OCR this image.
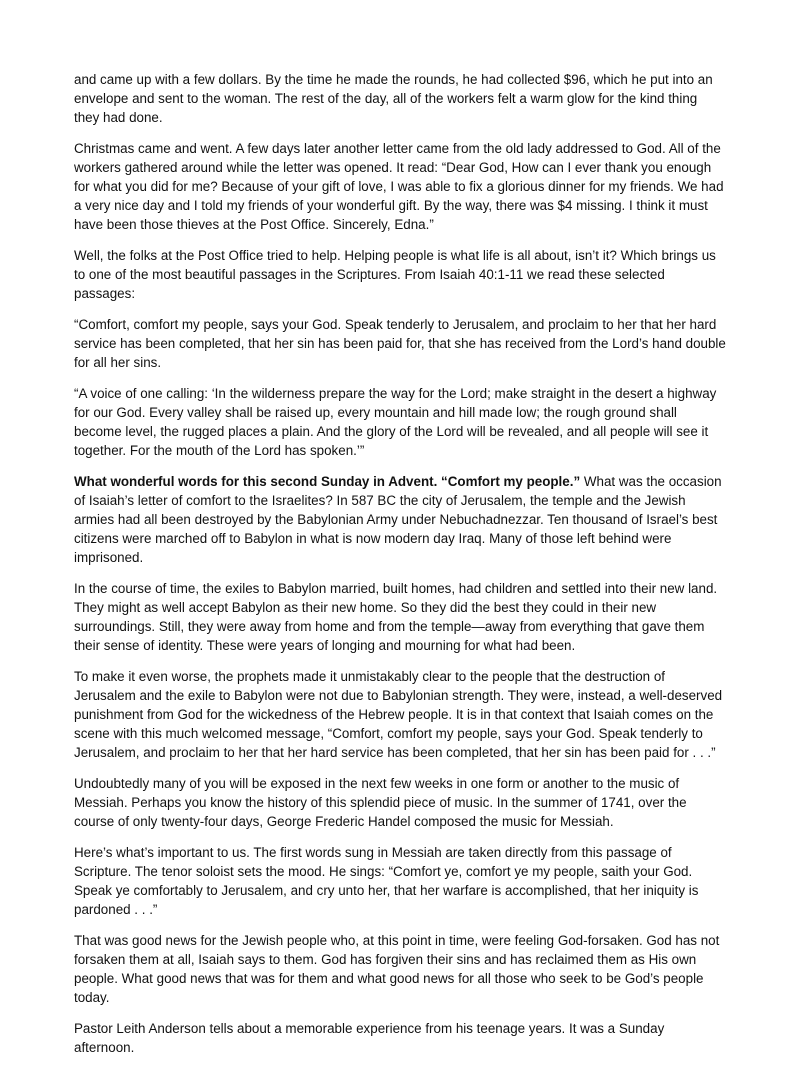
and came up with a few dollars. By the time he made the rounds, he had collected $96, which he put into an envelope and sent to the woman. The rest of the day, all of the workers felt a warm glow for the kind thing they had done.

Christmas came and went. A few days later another letter came from the old lady addressed to God. All of the workers gathered around while the letter was opened. It read: “Dear God, How can I ever thank you enough for what you did for me? Because of your gift of love, I was able to fix a glorious dinner for my friends. We had a very nice day and I told my friends of your wonderful gift. By the way, there was $4 missing. I think it must have been those thieves at the Post Office. Sincerely, Edna.”

Well, the folks at the Post Office tried to help. Helping people is what life is all about, isn’t it? Which brings us to one of the most beautiful passages in the Scriptures. From Isaiah 40:1-11 we read these selected passages:

“Comfort, comfort my people, says your God. Speak tenderly to Jerusalem, and proclaim to her that her hard service has been completed, that her sin has been paid for, that she has received from the Lord’s hand double for all her sins.

“A voice of one calling: ‘In the wilderness prepare the way for the Lord; make straight in the desert a highway for our God. Every valley shall be raised up, every mountain and hill made low; the rough ground shall become level, the rugged places a plain. And the glory of the Lord will be revealed, and all people will see it together. For the mouth of the Lord has spoken.’”

What wonderful words for this second Sunday in Advent. “Comfort my people.” What was the occasion of Isaiah’s letter of comfort to the Israelites? In 587 BC the city of Jerusalem, the temple and the Jewish armies had all been destroyed by the Babylonian Army under Nebuchadnezzar. Ten thousand of Israel’s best citizens were marched off to Babylon in what is now modern day Iraq. Many of those left behind were imprisoned.

In the course of time, the exiles to Babylon married, built homes, had children and settled into their new land. They might as well accept Babylon as their new home. So they did the best they could in their new surroundings. Still, they were away from home and from the temple—away from everything that gave them their sense of identity. These were years of longing and mourning for what had been.

To make it even worse, the prophets made it unmistakably clear to the people that the destruction of Jerusalem and the exile to Babylon were not due to Babylonian strength. They were, instead, a well-deserved punishment from God for the wickedness of the Hebrew people. It is in that context that Isaiah comes on the scene with this much welcomed message, “Comfort, comfort my people, says your God. Speak tenderly to Jerusalem, and proclaim to her that her hard service has been completed, that her sin has been paid for . . .”

Undoubtedly many of you will be exposed in the next few weeks in one form or another to the music of Messiah. Perhaps you know the history of this splendid piece of music. In the summer of 1741, over the course of only twenty-four days, George Frederic Handel composed the music for Messiah.

Here’s what’s important to us. The first words sung in Messiah are taken directly from this passage of Scripture. The tenor soloist sets the mood. He sings: “Comfort ye, comfort ye my people, saith your God. Speak ye comfortably to Jerusalem, and cry unto her, that her warfare is accomplished, that her iniquity is pardoned . . .”

That was good news for the Jewish people who, at this point in time, were feeling God-forsaken. God has not forsaken them at all, Isaiah says to them. God has forgiven their sins and has reclaimed them as His own people. What good news that was for them and what good news for all those who seek to be God’s people today.

Pastor Leith Anderson tells about a memorable experience from his teenage years. It was a Sunday afternoon.
